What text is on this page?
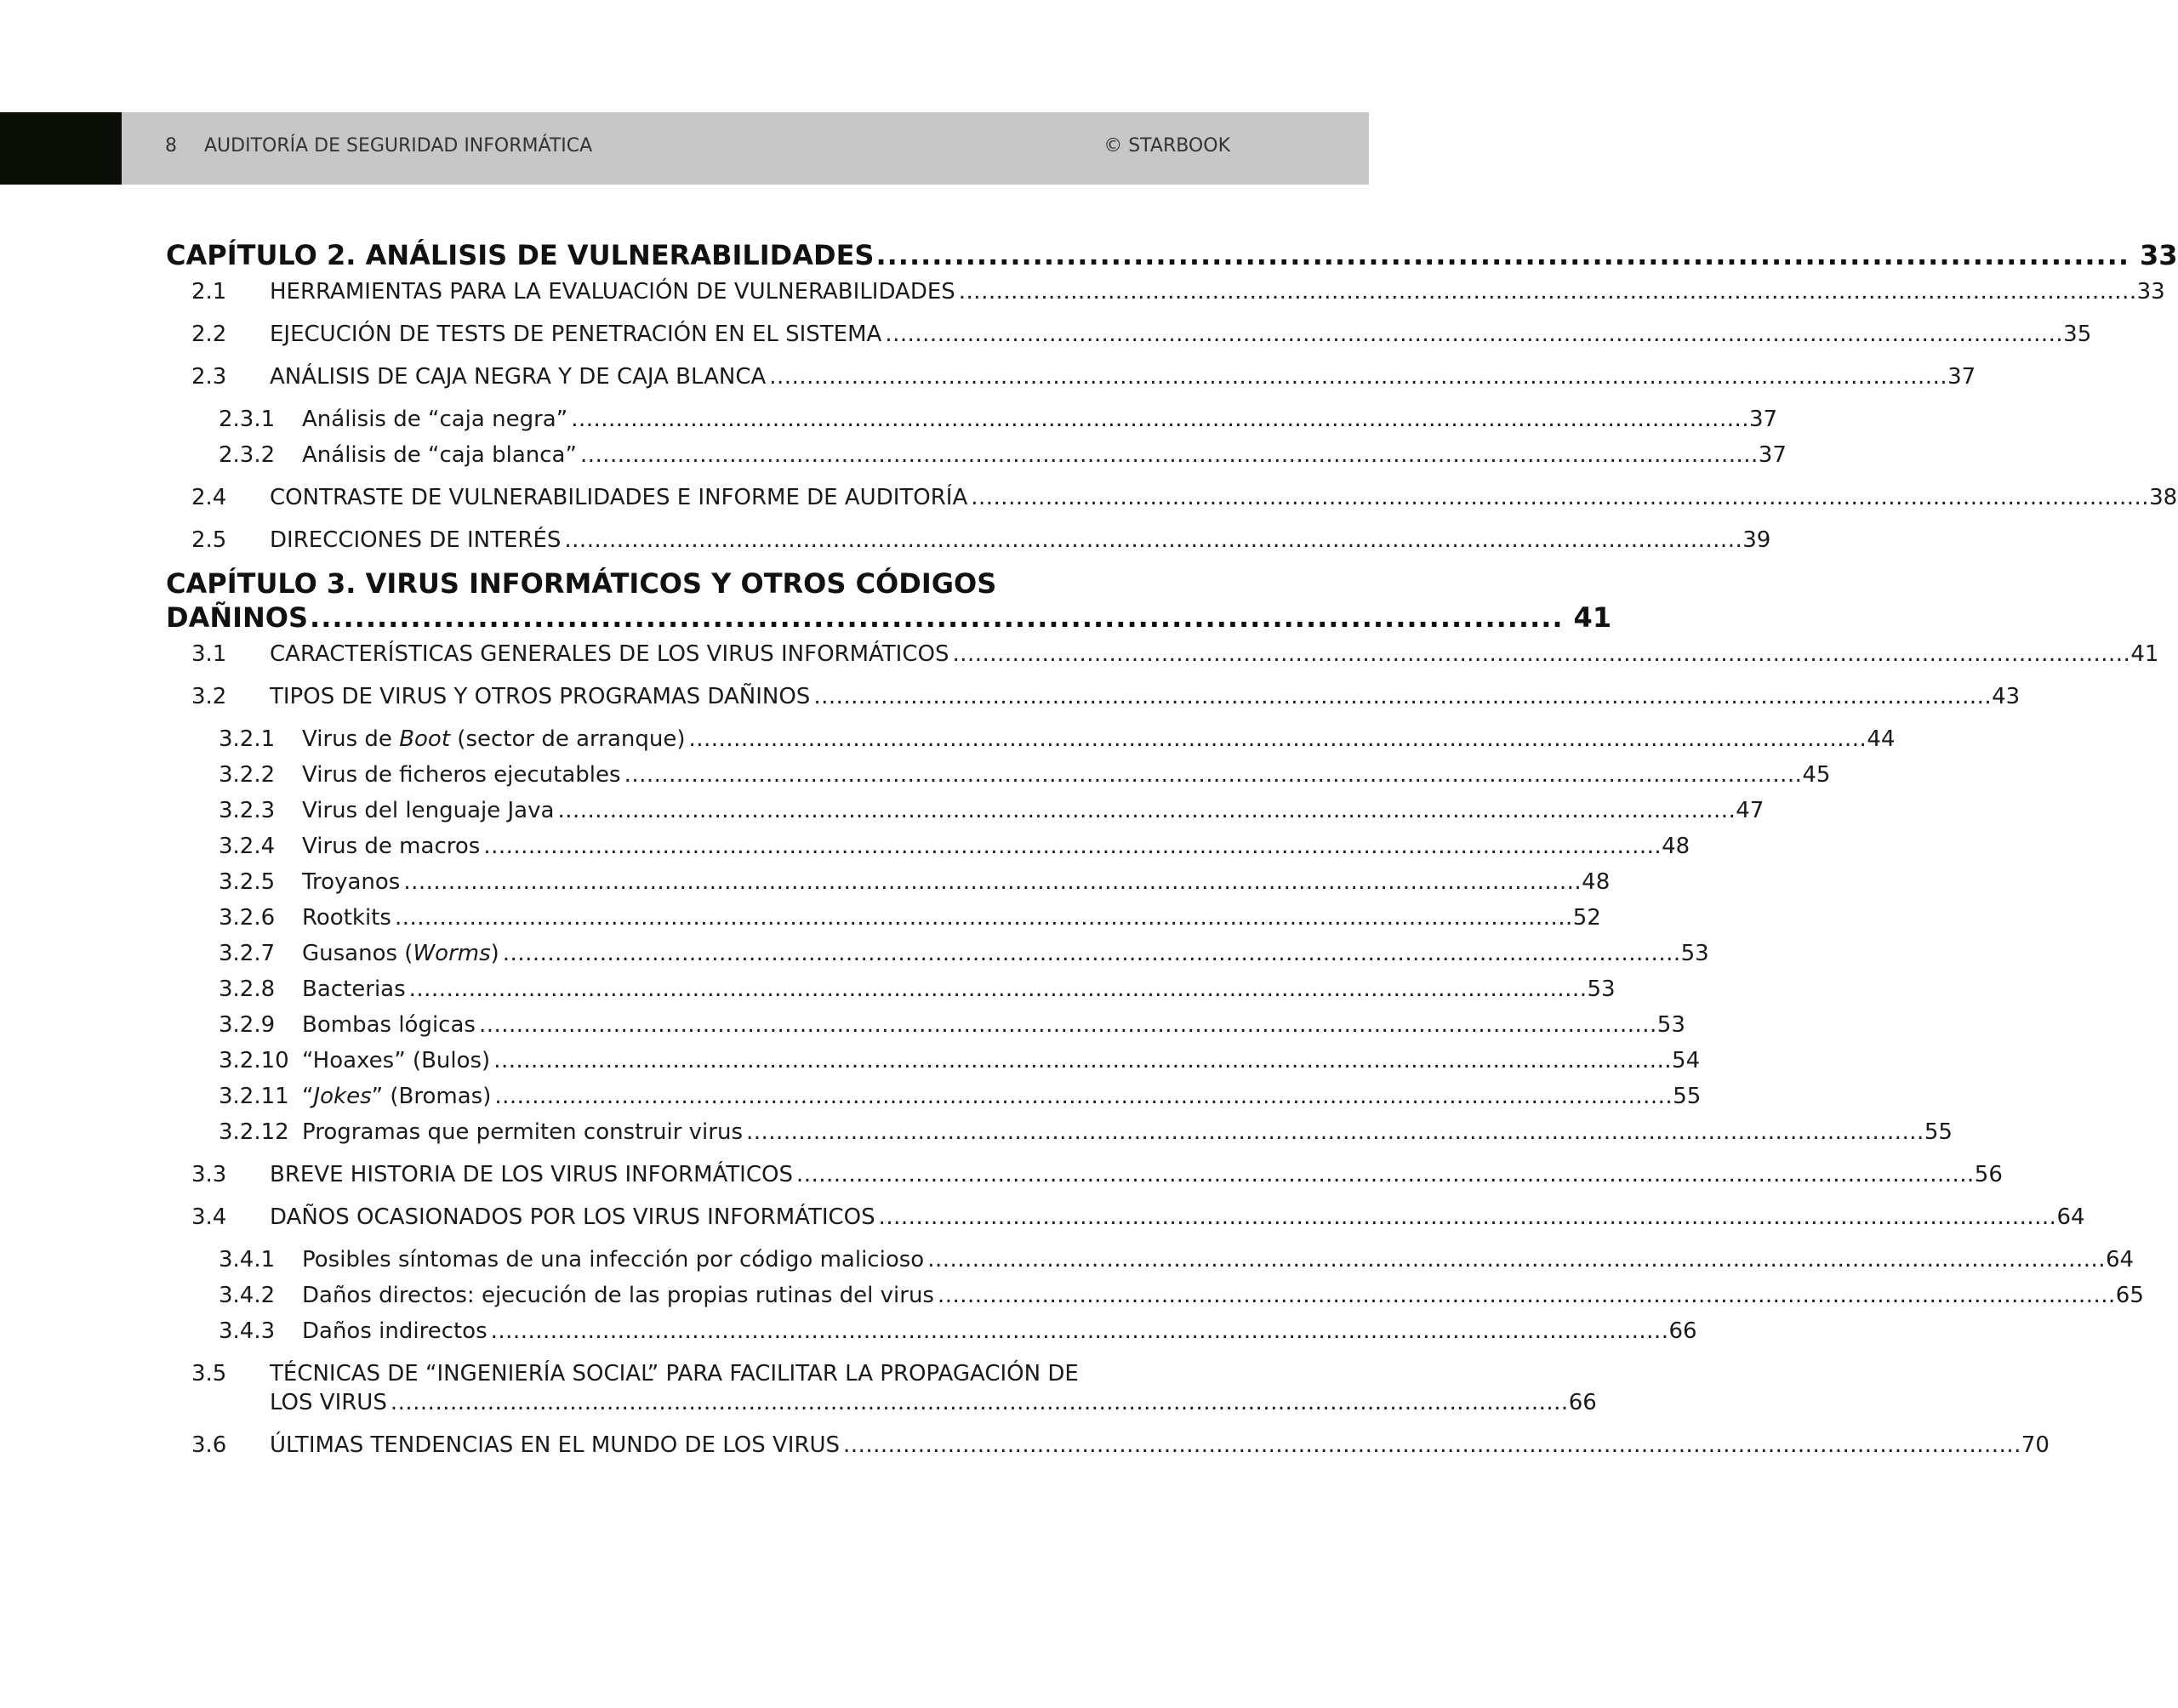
8 AUDITORÍA DE SEGURIDAD INFORMÁTICA	© STARBOOK
CAPÍTULO 2. ANÁLISIS DE VULNERABILIDADES ................................................................................................................ 33
2.1 HERRAMIENTAS PARA LA EVALUACIÓN DE VULNERABILIDADES .............................................................................................................................................................. 33
2.2 EJECUCIÓN DE TESTS DE PENETRACIÓN EN EL SISTEMA .............................................................................................................................................................. 35
2.3 ANÁLISIS DE CAJA NEGRA Y DE CAJA BLANCA .............................................................................................................................................................. 37
2.3.1 Análisis de “caja negra” .............................................................................................................................................................. 37
2.3.2 Análisis de “caja blanca” .............................................................................................................................................................. 37
2.4 CONTRASTE DE VULNERABILIDADES E INFORME DE AUDITORÍA .............................................................................................................................................................. 38
2.5 DIRECCIONES DE INTERÉS .............................................................................................................................................................. 39
CAPÍTULO 3. VIRUS INFORMÁTICOS Y OTROS CÓDIGOS
DAÑINOS ................................................................................................................ 41
3.1 CARACTERÍSTICAS GENERALES DE LOS VIRUS INFORMÁTICOS .............................................................................................................................................................. 41
3.2 TIPOS DE VIRUS Y OTROS PROGRAMAS DAÑINOS .............................................................................................................................................................. 43
3.2.1 Virus de Boot (sector de arranque) .............................................................................................................................................................. 44
3.2.2 Virus de ficheros ejecutables .............................................................................................................................................................. 45
3.2.3 Virus del lenguaje Java .............................................................................................................................................................. 47
3.2.4 Virus de macros .............................................................................................................................................................. 48
3.2.5 Troyanos .............................................................................................................................................................. 48
3.2.6 Rootkits .............................................................................................................................................................. 52
3.2.7 Gusanos (Worms) .............................................................................................................................................................. 53
3.2.8 Bacterias .............................................................................................................................................................. 53
3.2.9 Bombas lógicas .............................................................................................................................................................. 53
3.2.10 “Hoaxes” (Bulos) .............................................................................................................................................................. 54
3.2.11 “Jokes” (Bromas) .............................................................................................................................................................. 55
3.2.12 Programas que permiten construir virus .............................................................................................................................................................. 55
3.3 BREVE HISTORIA DE LOS VIRUS INFORMÁTICOS .............................................................................................................................................................. 56
3.4 DAÑOS OCASIONADOS POR LOS VIRUS INFORMÁTICOS .............................................................................................................................................................. 64
3.4.1 Posibles síntomas de una infección por código malicioso .............................................................................................................................................................. 64
3.4.2 Daños directos: ejecución de las propias rutinas del virus .............................................................................................................................................................. 65
3.4.3 Daños indirectos .............................................................................................................................................................. 66
3.5 TÉCNICAS DE “INGENIERÍA SOCIAL” PARA FACILITAR LA PROPAGACIÓN DE
LOS VIRUS .............................................................................................................................................................. 66
3.6 ÚLTIMAS TENDENCIAS EN EL MUNDO DE LOS VIRUS .............................................................................................................................................................. 70
